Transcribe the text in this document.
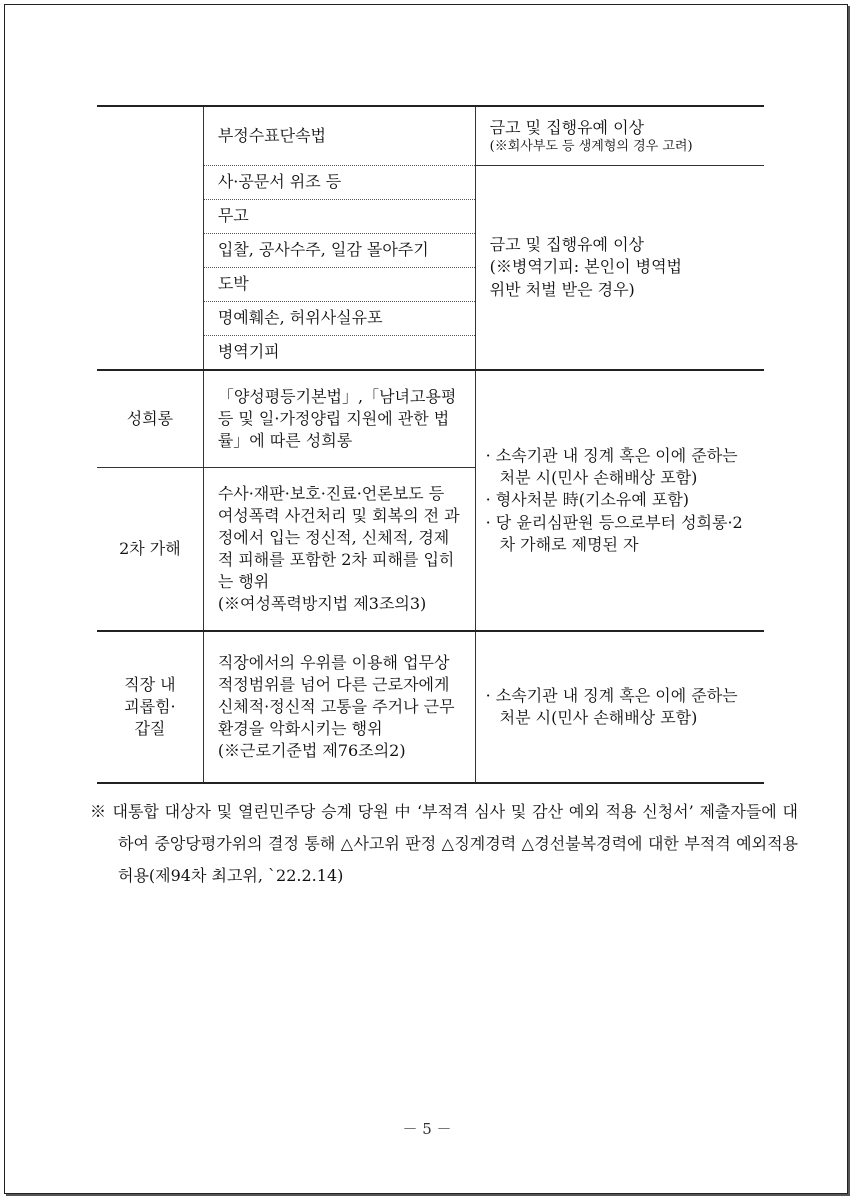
	부정수표단속법	금고 및 집행유예 이상
(※회사부도 등 생계형의 경우 고려)

	사·공문서 위조 등	금고 및 집행유예 이상
(※병역기피: 본인이 병역법
위반 처벌 받은 경우)

	무고	
	입찰, 공사수주, 일감 몰아주기	
	도박	
	명예훼손, 허위사실유포	
	병역기피	
성희롱	「양성평등기본법」,「남녀고용평등 및 일·가정양립 지원에 관한 법률」에 따른 성희롱	· 소속기관 내 징계 혹은 이에 준하는 처분 시(민사 손해배상 포함)
· 형사처분 時(기소유예 포함)
· 당 윤리심판원 등으로부터 성희롱·2차 가해로 제명된 자

2차 가해	수사·재판·보호·진료·언론보도 등 여성폭력 사건처리 및 회복의 전 과정에서 입는 정신적, 신체적, 경제적 피해를 포함한 2차 피해를 입히는 행위
(※여성폭력방지법 제3조의3)	

직장 내
괴롭힘·
갑질	직장에서의 우위를 이용해 업무상 적정범위를 넘어 다른 근로자에게 신체적·정신적 고통을 주거나 근무환경을 악화시키는 행위
(※근로기준법 제76조의2)	· 소속기관 내 징계 혹은 이에 준하는 처분 시(민사 손해배상 포함)
※ 대통합 대상자 및 열린민주당 승계 당원 中 ‘부적격 심사 및 감산 예외 적용 신청서’ 제출자들에 대하여 중앙당평가위의 결정 통해 △사고위 판정 △징계경력 △경선불복경력에 대한 부적격 예외적용 허용(제94차 최고위, `22.2.14)
－ 5 －
